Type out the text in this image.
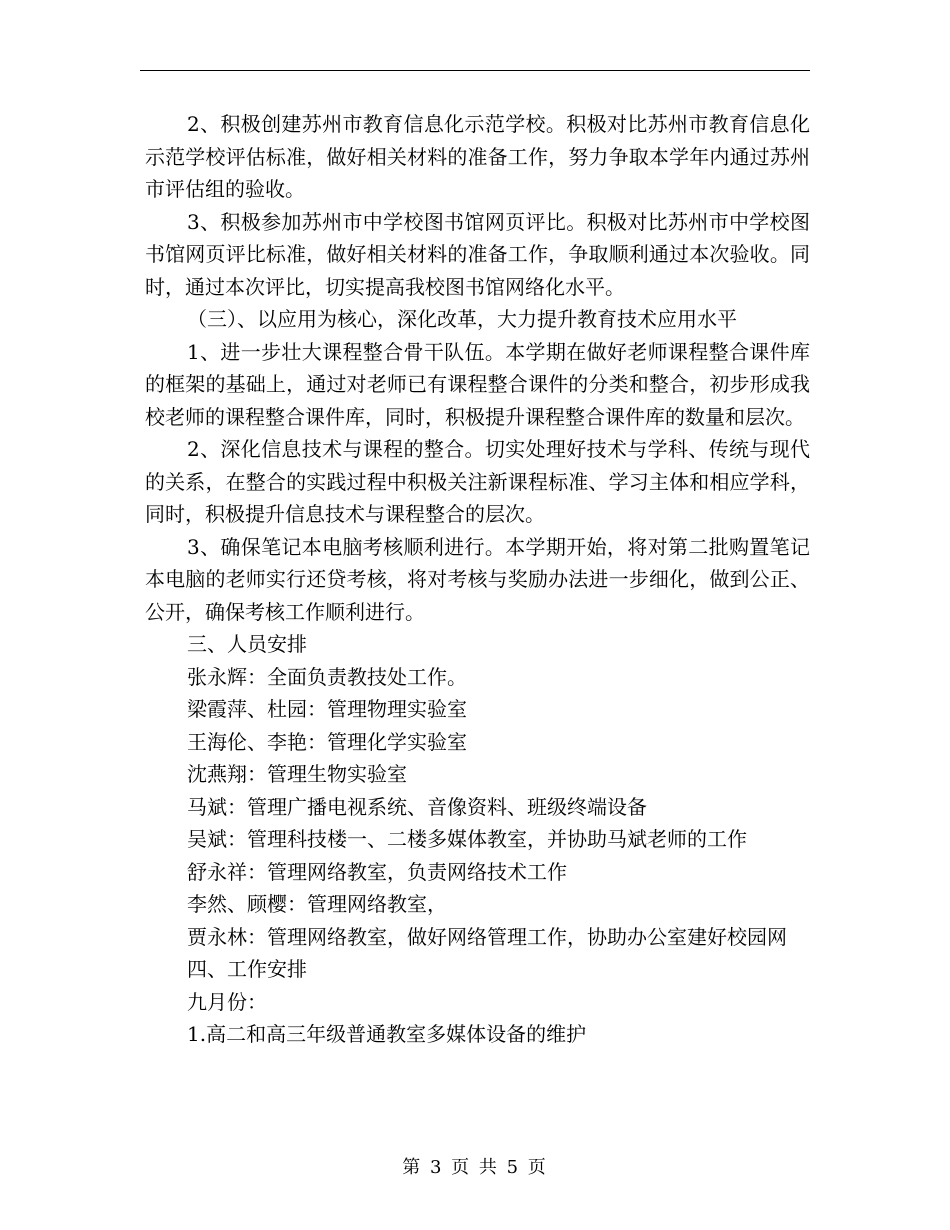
2、积极创建苏州市教育信息化示范学校。积极对比苏州市教育信息化示范学校评估标准，做好相关材料的准备工作，努力争取本学年内通过苏州市评估组的验收。

3、积极参加苏州市中学校图书馆网页评比。积极对比苏州市中学校图书馆网页评比标准，做好相关材料的准备工作，争取顺利通过本次验收。同时，通过本次评比，切实提高我校图书馆网络化水平。

（三）、以应用为核心，深化改革，大力提升教育技术应用水平

1、进一步壮大课程整合骨干队伍。本学期在做好老师课程整合课件库的框架的基础上，通过对老师已有课程整合课件的分类和整合，初步形成我校老师的课程整合课件库，同时，积极提升课程整合课件库的数量和层次。

2、深化信息技术与课程的整合。切实处理好技术与学科、传统与现代的关系，在整合的实践过程中积极关注新课程标准、学习主体和相应学科，同时，积极提升信息技术与课程整合的层次。

3、确保笔记本电脑考核顺利进行。本学期开始，将对第二批购置笔记本电脑的老师实行还贷考核，将对考核与奖励办法进一步细化，做到公正、公开，确保考核工作顺利进行。

三、人员安排

张永辉：全面负责教技处工作。

梁霞萍、杜园：管理物理实验室

王海伦、李艳：管理化学实验室

沈燕翔：管理生物实验室

马斌：管理广播电视系统、音像资料、班级终端设备

吴斌：管理科技楼一、二楼多媒体教室，并协助马斌老师的工作

舒永祥：管理网络教室，负责网络技术工作

李然、顾樱：管理网络教室，

贾永林：管理网络教室，做好网络管理工作，协助办公室建好校园网

四、工作安排

九月份：

1.高二和高三年级普通教室多媒体设备的维护

第 3 页 共 5 页
